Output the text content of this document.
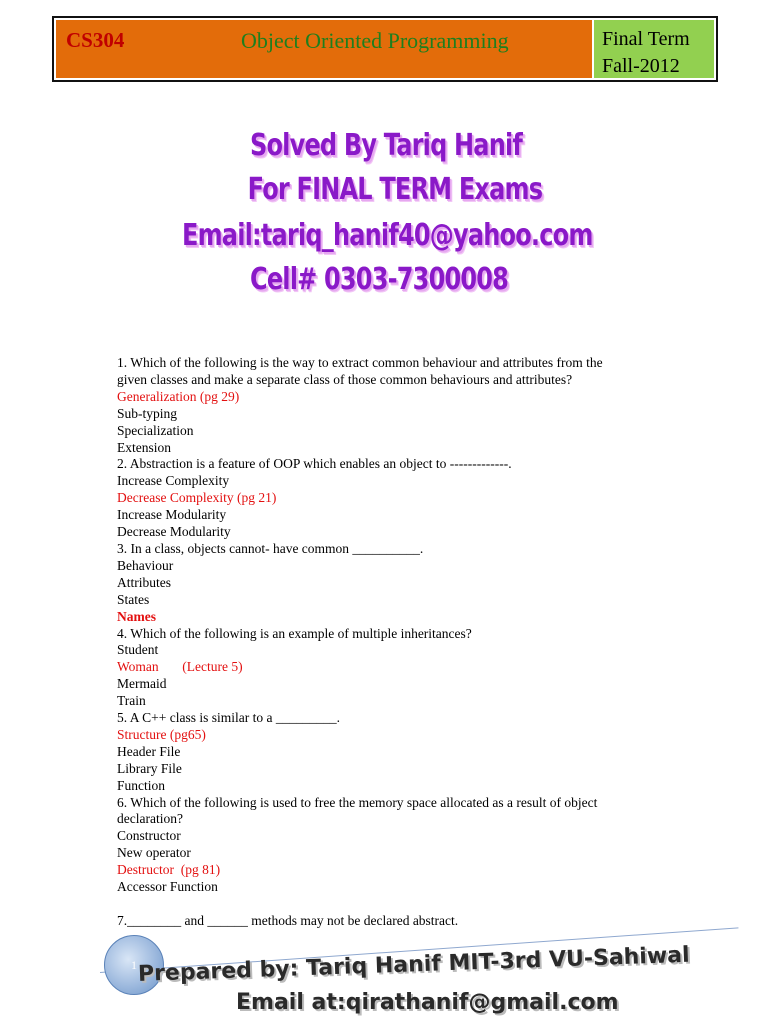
CS304	Object Oriented Programming	Final Term
Fall-2012
Solved By Tariq Hanif
For FINAL TERM Exams
Email:tariq_hanif40@yahoo.com
Cell# 0303-7300008
1. Which of the following is the way to extract common behaviour and attributes from the
given classes and make a separate class of those common behaviours and attributes?
Generalization (pg 29)
Sub-typing
Specialization
Extension
2. Abstraction is a feature of OOP which enables an object to -------------.
Increase Complexity
Decrease Complexity (pg 21)
Increase Modularity
Decrease Modularity
3. In a class, objects cannot- have common __________.
Behaviour
Attributes
States
Names
4. Which of the following is an example of multiple inheritances?
Student
Woman       (Lecture 5)
Mermaid
Train
5. A C++ class is similar to a _________.
Structure (pg65)
Header File
Library File
Function
6. Which of the following is used to free the memory space allocated as a result of object
declaration?
Constructor
New operator
Destructor  (pg 81)
Accessor Function
7.________ and ______ methods may not be declared abstract.
1 Prepared by: Tariq Hanif MIT-3rd VU-Sahiwal
Email at:qirathanif@gmail.com
